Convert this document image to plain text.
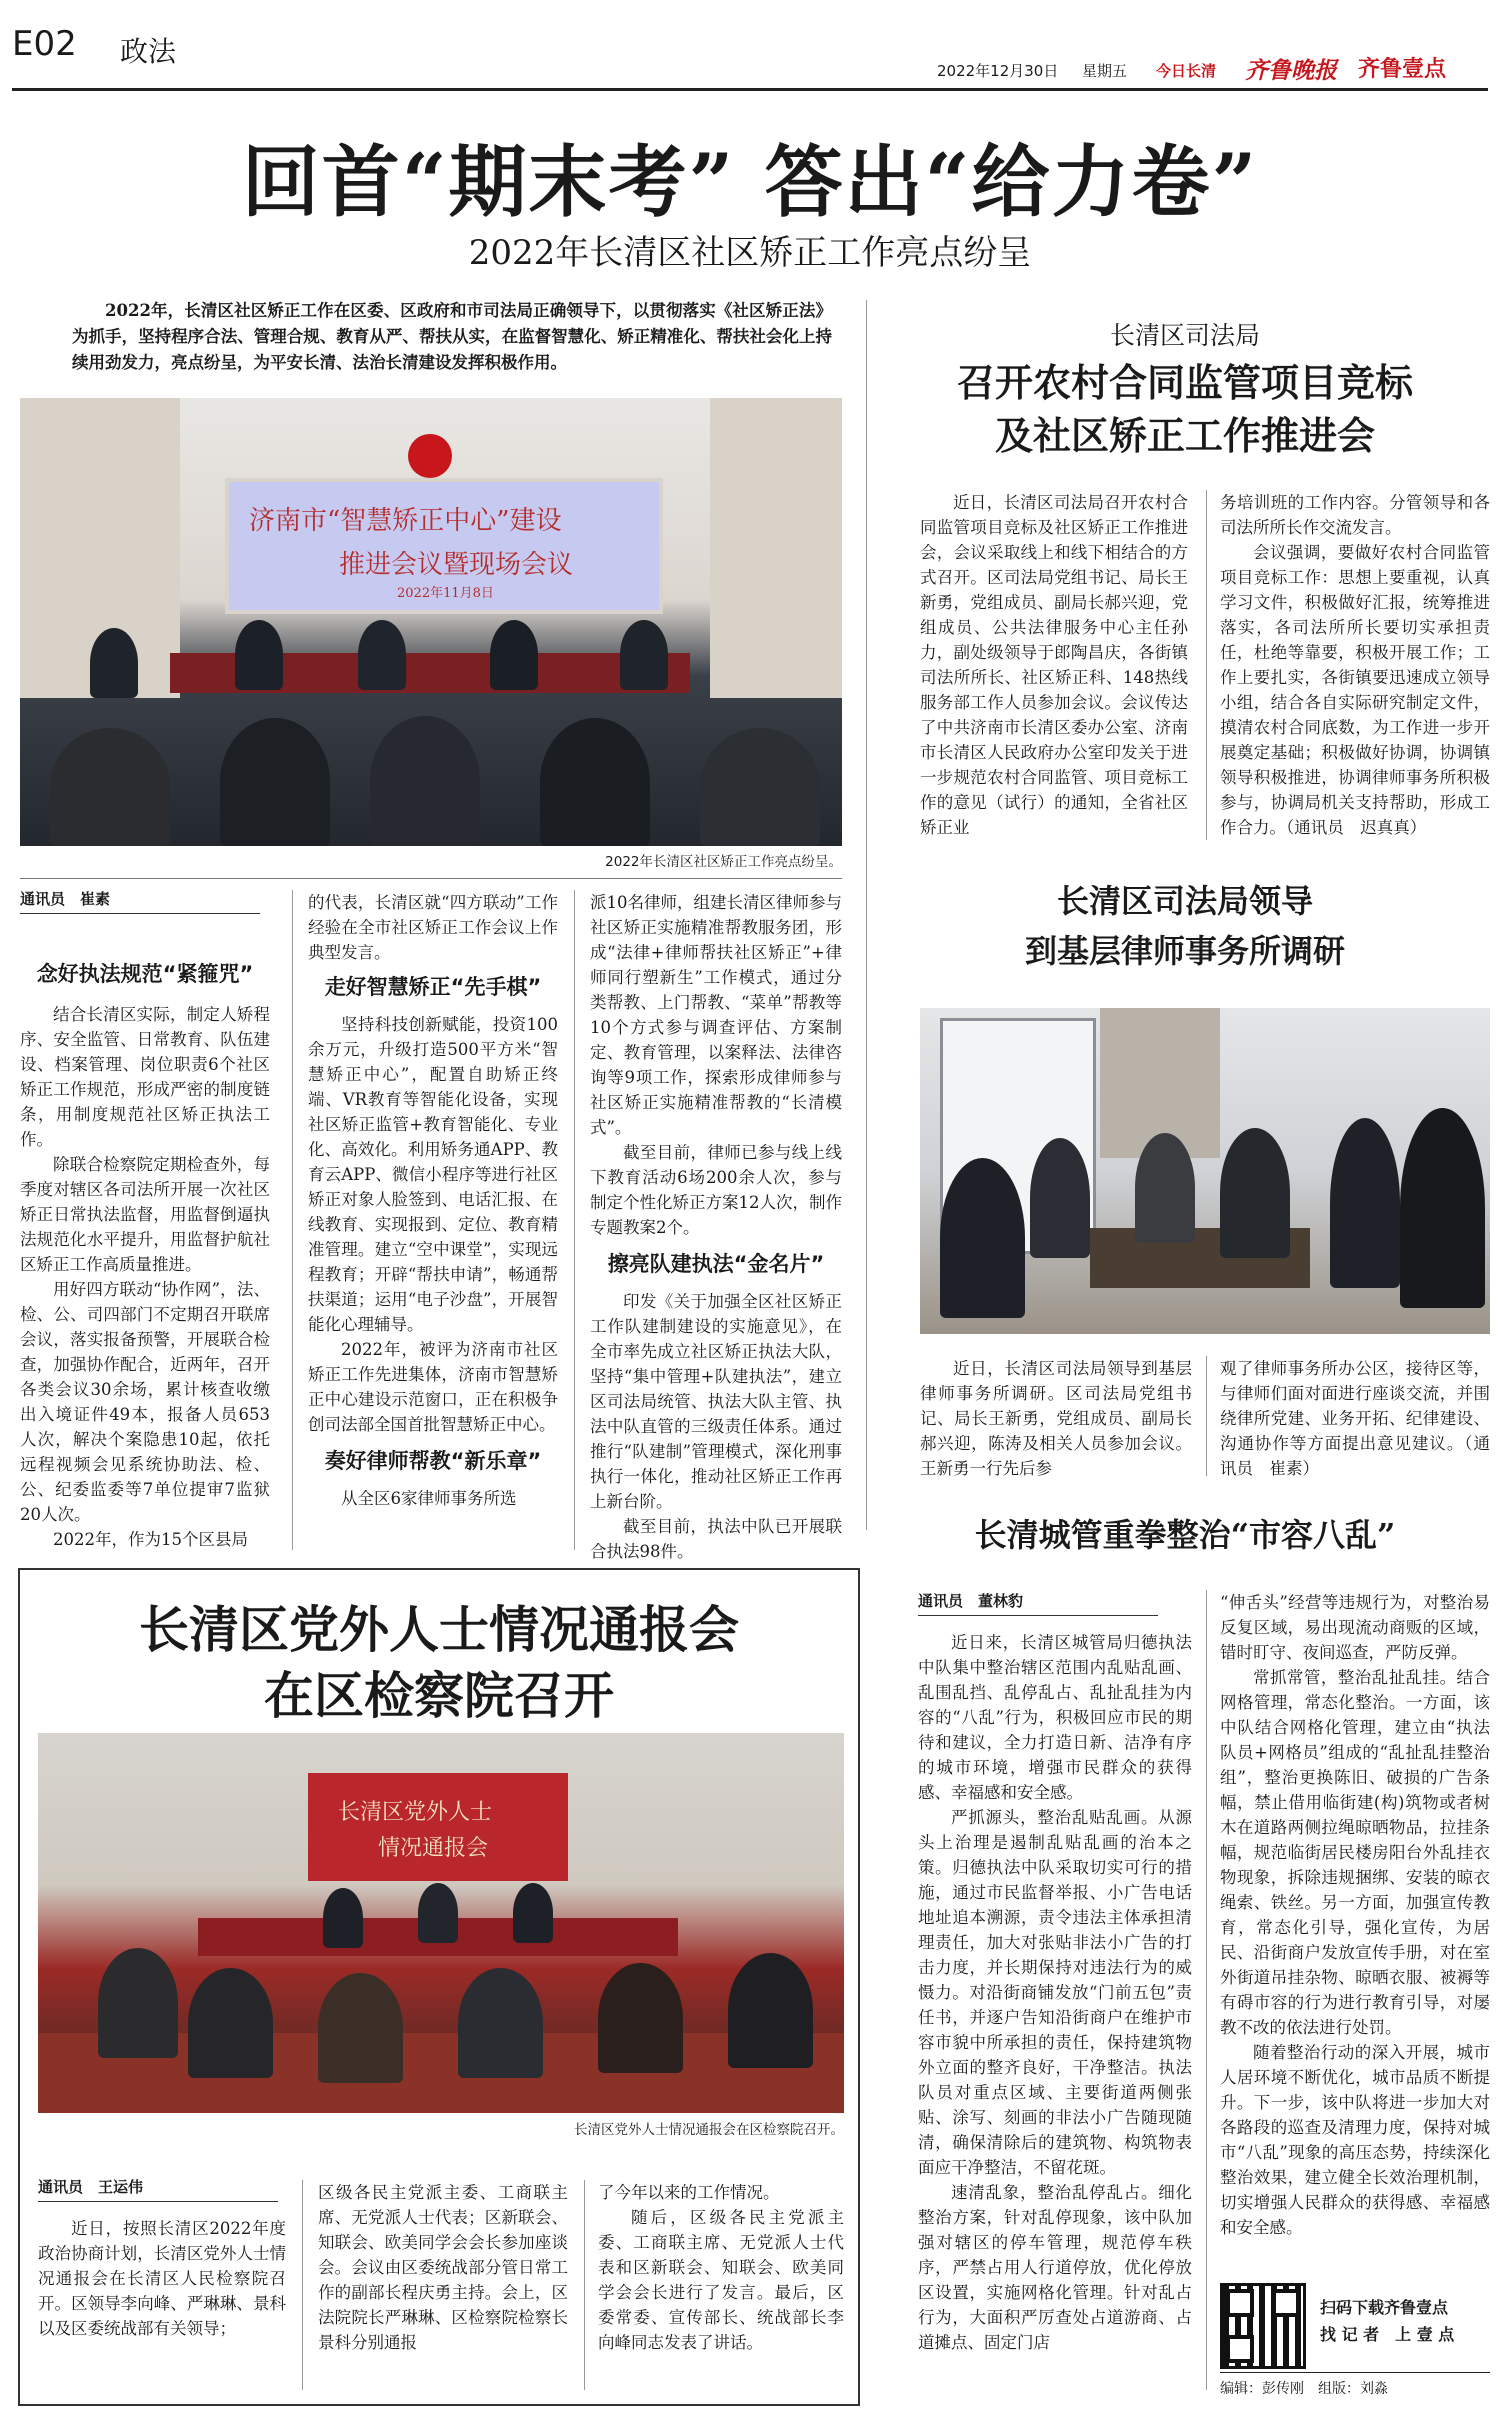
E02 政法
2022年12月30日 星期五 今日长清 齐鲁晚报 齐鲁壹点
回首“期末考” 答出“给力卷”
2022年长清区社区矫正工作亮点纷呈

2022年，长清区社区矫正工作在区委、区政府和市司法局正确领导下，以贯彻落实《社区矫正法》为抓手，坚持程序合法、管理合规、教育从严、帮扶从实，在监督智慧化、矫正精准化、帮扶社会化上持续用劲发力，亮点纷呈，为平安长清、法治长清建设发挥积极作用。

济南市“智慧矫正中心”建设
推进会议暨现场会议
2022年11月8日
2022年长清区社区矫正工作亮点纷呈。
通讯员　崔素
念好执法规范“紧箍咒”

结合长清区实际，制定人矫程序、安全监管、日常教育、队伍建设、档案管理、岗位职责6个社区矫正工作规范，形成严密的制度链条，用制度规范社区矫正执法工作。

除联合检察院定期检查外，每季度对辖区各司法所开展一次社区矫正日常执法监督，用监督倒逼执法规范化水平提升，用监督护航社区矫正工作高质量推进。

用好四方联动“协作网”，法、检、公、司四部门不定期召开联席会议，落实报备预警，开展联合检查，加强协作配合，近两年，召开各类会议30余场，累计核查收缴出入境证件49本，报备人员653人次，解决个案隐患10起，依托远程视频会见系统协助法、检、公、纪委监委等7单位提审7监狱20人次。

2022年，作为15个区县局

的代表，长清区就“四方联动”工作经验在全市社区矫正工作会议上作典型发言。

走好智慧矫正“先手棋”

坚持科技创新赋能，投资100余万元，升级打造500平方米“智慧矫正中心”，配置自助矫正终端、VR教育等智能化设备，实现社区矫正监管+教育智能化、专业化、高效化。利用矫务通APP、教育云APP、微信小程序等进行社区矫正对象人脸签到、电话汇报、在线教育、实现报到、定位、教育精准管理。建立“空中课堂”，实现远程教育；开辟“帮扶申请”，畅通帮扶渠道；运用“电子沙盘”，开展智能化心理辅导。

2022年，被评为济南市社区矫正工作先进集体，济南市智慧矫正中心建设示范窗口，正在积极争创司法部全国首批智慧矫正中心。

奏好律师帮教“新乐章”

从全区6家律师事务所选

派10名律师，组建长清区律师参与社区矫正实施精准帮教服务团，形成“法律+律师帮扶社区矫正”+律师同行塑新生”工作模式，通过分类帮教、上门帮教、“菜单”帮教等10个方式参与调查评估、方案制定、教育管理，以案释法、法律咨询等9项工作，探索形成律师参与社区矫正实施精准帮教的“长清模式”。

截至目前，律师已参与线上线下教育活动6场200余人次，参与制定个性化矫正方案12人次，制作专题教案2个。

擦亮队建执法“金名片”

印发《关于加强全区社区矫正工作队建制建设的实施意见》，在全市率先成立社区矫正执法大队，坚持“集中管理+队建执法”，建立区司法局统管、执法大队主管、执法中队直管的三级责任体系。通过推行“队建制”管理模式，深化刑事执行一体化，推动社区矫正工作再上新台阶。

截至目前，执法中队已开展联合执法98件。

长清区司法局
召开农村合同监管项目竞标
及社区矫正工作推进会

近日，长清区司法局召开农村合同监管项目竞标及社区矫正工作推进会，会议采取线上和线下相结合的方式召开。区司法局党组书记、局长王新勇，党组成员、副局长郝兴迎，党组成员、公共法律服务中心主任孙力，副处级领导于郎陶昌庆，各街镇司法所所长、社区矫正科、148热线服务部工作人员参加会议。会议传达了中共济南市长清区委办公室、济南市长清区人民政府办公室印发关于进一步规范农村合同监管、项目竞标工作的意见（试行）的通知，全省社区矫正业

务培训班的工作内容。分管领导和各司法所所长作交流发言。

会议强调，要做好农村合同监管项目竞标工作：思想上要重视，认真学习文件，积极做好汇报，统筹推进落实，各司法所所长要切实承担责任，杜绝等靠要，积极开展工作；工作上要扎实，各街镇要迅速成立领导小组，结合各自实际研究制定文件，摸清农村合同底数，为工作进一步开展奠定基础；积极做好协调，协调镇领导积极推进，协调律师事务所积极参与，协调局机关支持帮助，形成工作合力。（通讯员　迟真真）

长清区司法局领导
到基层律师事务所调研

近日，长清区司法局领导到基层律师事务所调研。区司法局党组书记、局长王新勇，党组成员、副局长郝兴迎，陈涛及相关人员参加会议。王新勇一行先后参

观了律师事务所办公区，接待区等，与律师们面对面进行座谈交流，并围绕律所党建、业务开拓、纪律建设、沟通协作等方面提出意见建议。（通讯员　崔素）

长清城管重拳整治“市容八乱”
通讯员　董林豹

近日来，长清区城管局归德执法中队集中整治辖区范围内乱贴乱画、乱围乱挡、乱停乱占、乱扯乱挂为内容的“八乱”行为，积极回应市民的期待和建议，全力打造日新、洁净有序的城市环境，增强市民群众的获得感、幸福感和安全感。

严抓源头，整治乱贴乱画。从源头上治理是遏制乱贴乱画的治本之策。归德执法中队采取切实可行的措施，通过市民监督举报、小广告电话地址追本溯源，责令违法主体承担清理责任，加大对张贴非法小广告的打击力度，并长期保持对违法行为的威慑力。对沿街商铺发放“门前五包”责任书，并逐户告知沿街商户在维护市容市貌中所承担的责任，保持建筑物外立面的整齐良好，干净整洁。执法队员对重点区域、主要街道两侧张贴、涂写、刻画的非法小广告随现随清，确保清除后的建筑物、构筑物表面应干净整洁，不留花斑。

速清乱象，整治乱停乱占。细化整治方案，针对乱停现象，该中队加强对辖区的停车管理，规范停车秩序，严禁占用人行道停放，优化停放区设置，实施网格化管理。针对乱占行为，大面积严厉查处占道游商、占道摊点、固定门店

“伸舌头”经营等违规行为，对整治易反复区域，易出现流动商贩的区域，错时盯守、夜间巡查，严防反弹。

常抓常管，整治乱扯乱挂。结合网格管理，常态化整治。一方面，该中队结合网格化管理，建立由“执法队员+网格员”组成的“乱扯乱挂整治组”，整治更换陈旧、破损的广告条幅，禁止借用临街建(构)筑物或者树木在道路两侧拉绳晾晒物品，拉挂条幅，规范临街居民楼房阳台外乱挂衣物现象，拆除违规捆绑、安装的晾衣绳索、铁丝。另一方面，加强宣传教育，常态化引导，强化宣传，为居民、沿街商户发放宣传手册，对在室外街道吊挂杂物、晾晒衣服、被褥等有碍市容的行为进行教育引导，对屡教不改的依法进行处罚。

随着整治行动的深入开展，城市人居环境不断优化，城市品质不断提升。下一步，该中队将进一步加大对各路段的巡查及清理力度，保持对城市“八乱”现象的高压态势，持续深化整治效果，建立健全长效治理机制，切实增强人民群众的获得感、幸福感和安全感。

扫码下载齐鲁壹点
找 记 者　上 壹 点
编辑：彭传刚　组版：刘淼
长清区党外人士情况通报会
在区检察院召开
长清区党外人士
情况通报会
长清区党外人士情况通报会在区检察院召开。
通讯员　王运伟

近日，按照长清区2022年度政治协商计划，长清区党外人士情况通报会在长清区人民检察院召开。区领导李向峰、严琳琳、景科以及区委统战部有关领导；

区级各民主党派主委、工商联主席、无党派人士代表；区新联会、知联会、欧美同学会会长参加座谈会。会议由区委统战部分管日常工作的副部长程庆勇主持。会上，区法院院长严琳琳、区检察院检察长景科分别通报

了今年以来的工作情况。

随后，区级各民主党派主委、工商联主席、无党派人士代表和区新联会、知联会、欧美同学会会长进行了发言。最后，区委常委、宣传部长、统战部长李向峰同志发表了讲话。
